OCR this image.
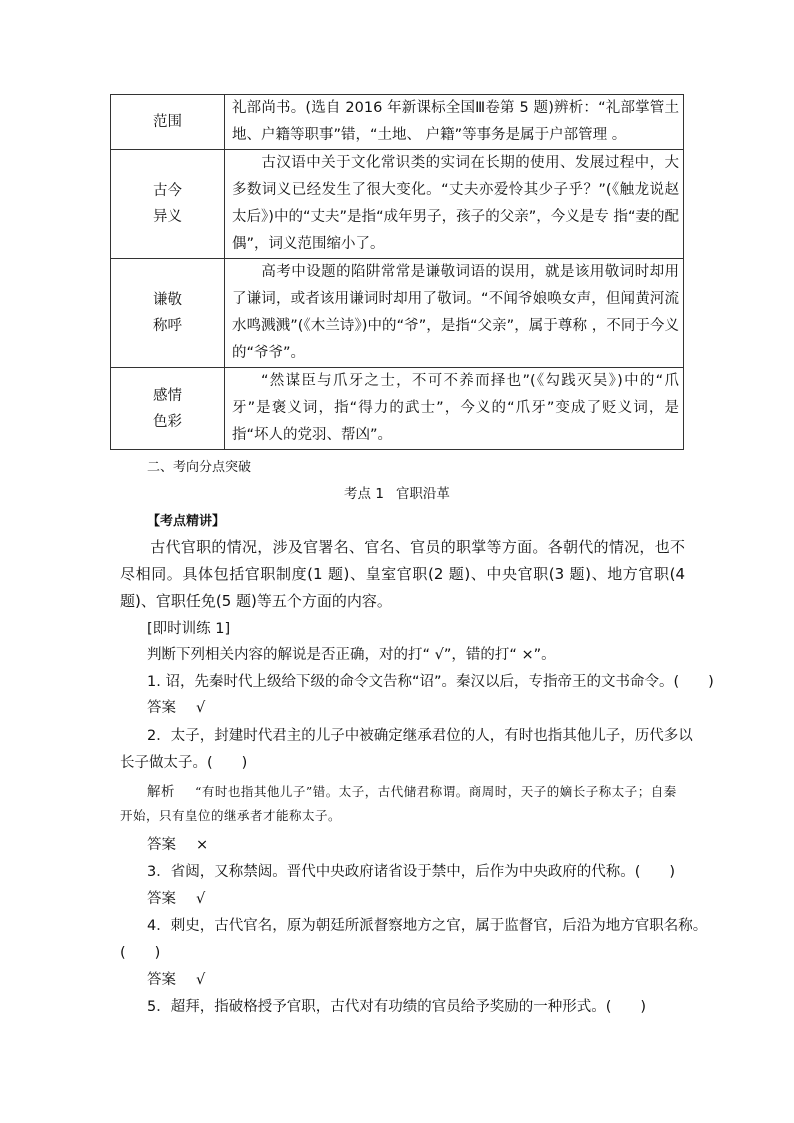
范围	礼部尚书。(选自 2016 年新课标全国Ⅲ卷第 5 题)辨析：“礼部掌管土地、户籍等职事”错，“土地、 户籍”等事务是属于户部管理 。

古今
异义	古汉语中关于文化常识类的实词在长期的使用、发展过程中，大多数词义已经发生了很大变化。“丈夫亦爱怜其少子乎？”(《触龙说赵太后》)中的“丈夫”是指“成年男子，孩子的父亲”，今义是专 指“妻的配偶”，词义范围缩小了。

谦敬
称呼	高考中设题的陷阱常常是谦敬词语的误用，就是该用敬词时却用了谦词，或者该用谦词时却用了敬词。“不闻爷娘唤女声，但闻黄河流水鸣溅溅”(《木兰诗》)中的“爷”，是指“父亲”，属于尊称 ，不同于今义的“爷爷”。

感情
色彩	“然谋臣与爪牙之士，不可不养而择也”(《勾践灭吴》)中的“爪牙”是褒义词，指“得力的武士”，今义的“爪牙”变成了贬义词，是指“坏人的党羽、帮凶”。
二、考向分点突破
考点 1 官职沿革
【考点精讲】
古代官职的情况，涉及官署名、官名、官员的职掌等方面。各朝代的情况，也不尽相同。具体包括官职制度(1 题)、皇室官职(2 题)、中央官职(3 题)、地方官职(4 题)、官职任免(5 题)等五个方面的内容。
[即时训练 1]
判断下列相关内容的解说是否正确，对的打“ √”，错的打“ ×”。
1. 诏，先秦时代上级给下级的命令文告称“诏”。秦汉以后，专指帝王的文书命令。(　　)
答案 √
2．太子，封建时代君主的儿子中被确定继承君位的人，有时也指其他儿子，历代多以
长子做太子。(　　)
解析 “有时也指其他儿子”错。太子，古代储君称谓。商周时，天子的嫡长子称太子；自秦开始，只有皇位的继承者才能称太子。
答案 ×
3．省闼，又称禁闼。晋代中央政府诸省设于禁中，后作为中央政府的代称。(　　)
答案 √
4．刺史，古代官名，原为朝廷所派督察地方之官，属于监督官，后沿为地方官职名称。
(　　)
答案 √
5．超拜，指破格授予官职，古代对有功绩的官员给予奖励的一种形式。(　　)
